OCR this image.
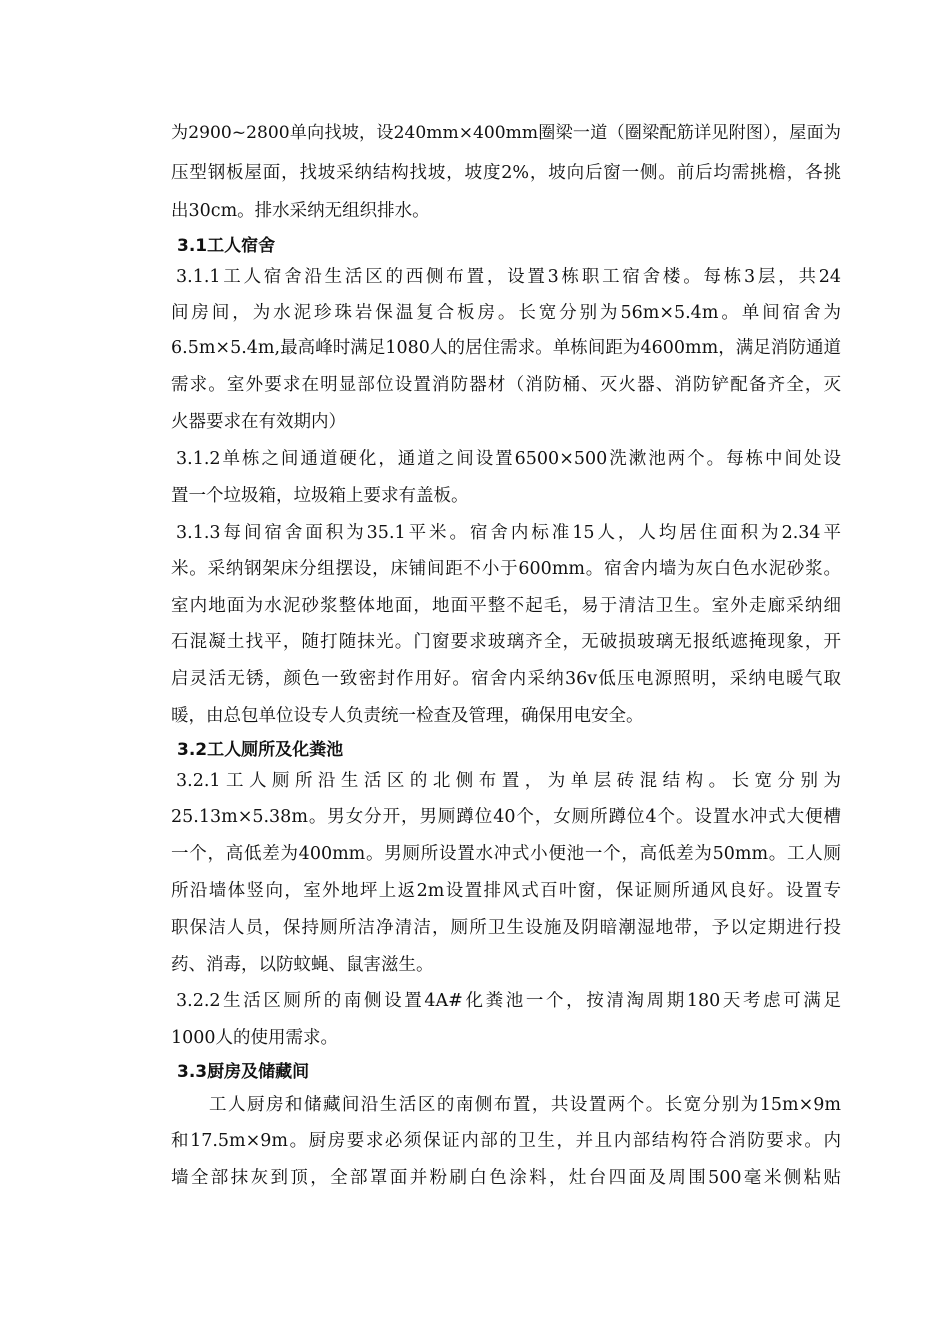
为2900~2800单向找坡，设240mm×400mm圈梁一道（圈梁配筋详见附图），屋面为
压型钢板屋面，找坡采纳结构找坡，坡度2%，坡向后窗一侧。前后均需挑檐，各挑
出30cm。排水采纳无组织排水。
3.1工人宿舍
3.1.1工人宿舍沿生活区的西侧布置，设置3栋职工宿舍楼。每栋3层，共24
间房间，为水泥珍珠岩保温复合板房。长宽分别为56m×5.4m。单间宿舍为
6.5m×5.4m,最高峰时满足1080人的居住需求。单栋间距为4600mm，满足消防通道
需求。室外要求在明显部位设置消防器材（消防桶、灭火器、消防铲配备齐全，灭
火器要求在有效期内）
3.1.2单栋之间通道硬化，通道之间设置6500×500洗漱池两个。每栋中间处设
置一个垃圾箱，垃圾箱上要求有盖板。
3.1.3每间宿舍面积为35.1平米。宿舍内标准15人，人均居住面积为2.34平
米。采纳钢架床分组摆设，床铺间距不小于600mm。宿舍内墙为灰白色水泥砂浆。
室内地面为水泥砂浆整体地面，地面平整不起毛，易于清洁卫生。室外走廊采纳细
石混凝土找平，随打随抹光。门窗要求玻璃齐全，无破损玻璃无报纸遮掩现象，开
启灵活无锈，颜色一致密封作用好。宿舍内采纳36v低压电源照明，采纳电暖气取
暖，由总包单位设专人负责统一检查及管理，确保用电安全。
3.2工人厕所及化粪池
3.2.1工人厕所沿生活区的北侧布置，为单层砖混结构。长宽分别为
25.13m×5.38m。男女分开，男厕蹲位40个，女厕所蹲位4个。设置水冲式大便槽
一个，高低差为400mm。男厕所设置水冲式小便池一个，高低差为50mm。工人厕
所沿墙体竖向，室外地坪上返2m设置排风式百叶窗，保证厕所通风良好。设置专
职保洁人员，保持厕所洁净清洁，厕所卫生设施及阴暗潮湿地带，予以定期进行投
药、消毒，以防蚊蝇、鼠害滋生。
3.2.2生活区厕所的南侧设置4A#化粪池一个，按清淘周期180天考虑可满足
1000人的使用需求。
3.3厨房及储藏间
工人厨房和储藏间沿生活区的南侧布置，共设置两个。长宽分别为15m×9m
和17.5m×9m。厨房要求必须保证内部的卫生，并且内部结构符合消防要求。内
墙全部抹灰到顶，全部罩面并粉刷白色涂料，灶台四面及周围500毫米侧粘贴
